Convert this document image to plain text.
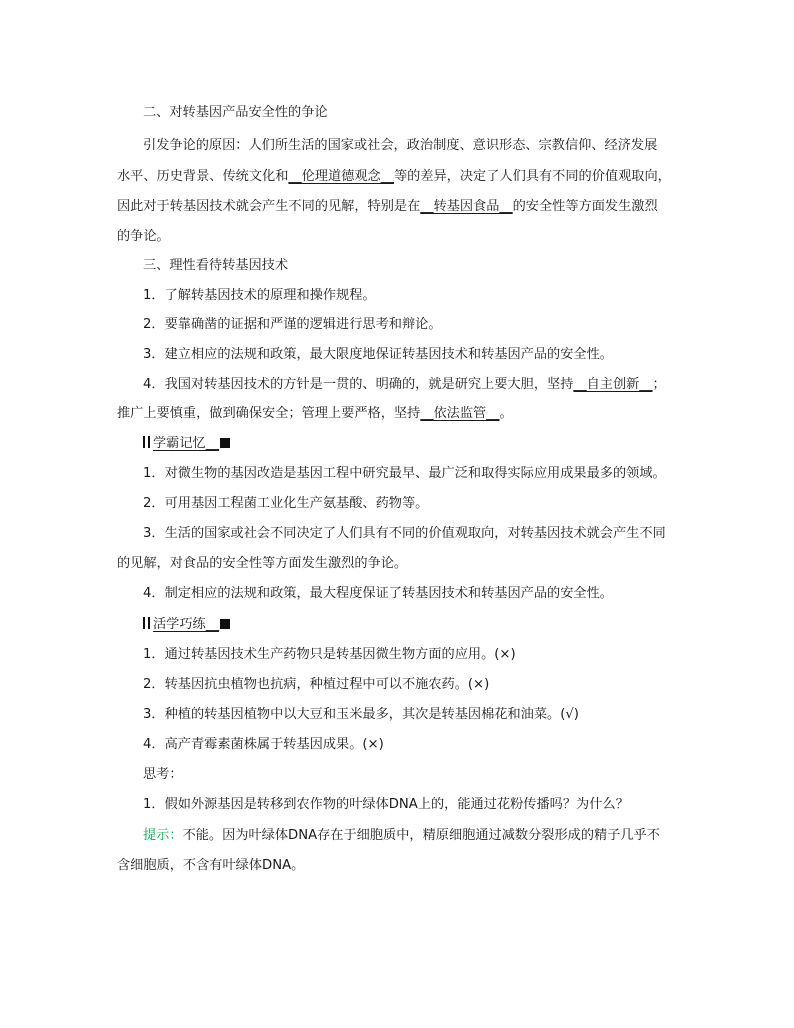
二、对转基因产品安全性的争论

引发争论的原因：人们所生活的国家或社会，政治制度、意识形态、宗教信仰、经济发展

水平、历史背景、传统文化和__伦理道德观念__等的差异，决定了人们具有不同的价值观取向，

因此对于转基因技术就会产生不同的见解，特别是在__转基因食品__的安全性等方面发生激烈

的争论。

三、理性看待转基因技术

1．了解转基因技术的原理和操作规程。

2．要靠确凿的证据和严谨的逻辑进行思考和辩论。

3．建立相应的法规和政策，最大限度地保证转基因技术和转基因产品的安全性。

4．我国对转基因技术的方针是一贯的、明确的，就是研究上要大胆，坚持__自主创新__；

推广上要慎重，做到确保安全；管理上要严格，坚持__依法监管__。

学霸记忆__

1．对微生物的基因改造是基因工程中研究最早、最广泛和取得实际应用成果最多的领域。

2．可用基因工程菌工业化生产氨基酸、药物等。

3．生活的国家或社会不同决定了人们具有不同的价值观取向，对转基因技术就会产生不同

的见解，对食品的安全性等方面发生激烈的争论。

4．制定相应的法规和政策，最大程度保证了转基因技术和转基因产品的安全性。

活学巧练__

1．通过转基因技术生产药物只是转基因微生物方面的应用。(×)

2．转基因抗虫植物也抗病，种植过程中可以不施农药。(×)

3．种植的转基因植物中以大豆和玉米最多，其次是转基因棉花和油菜。(√)

4．高产青霉素菌株属于转基因成果。(×)

思考：

1．假如外源基因是转移到农作物的叶绿体DNA上的，能通过花粉传播吗？为什么？

提示：不能。因为叶绿体DNA存在于细胞质中，精原细胞通过减数分裂形成的精子几乎不

含细胞质，不含有叶绿体DNA。
